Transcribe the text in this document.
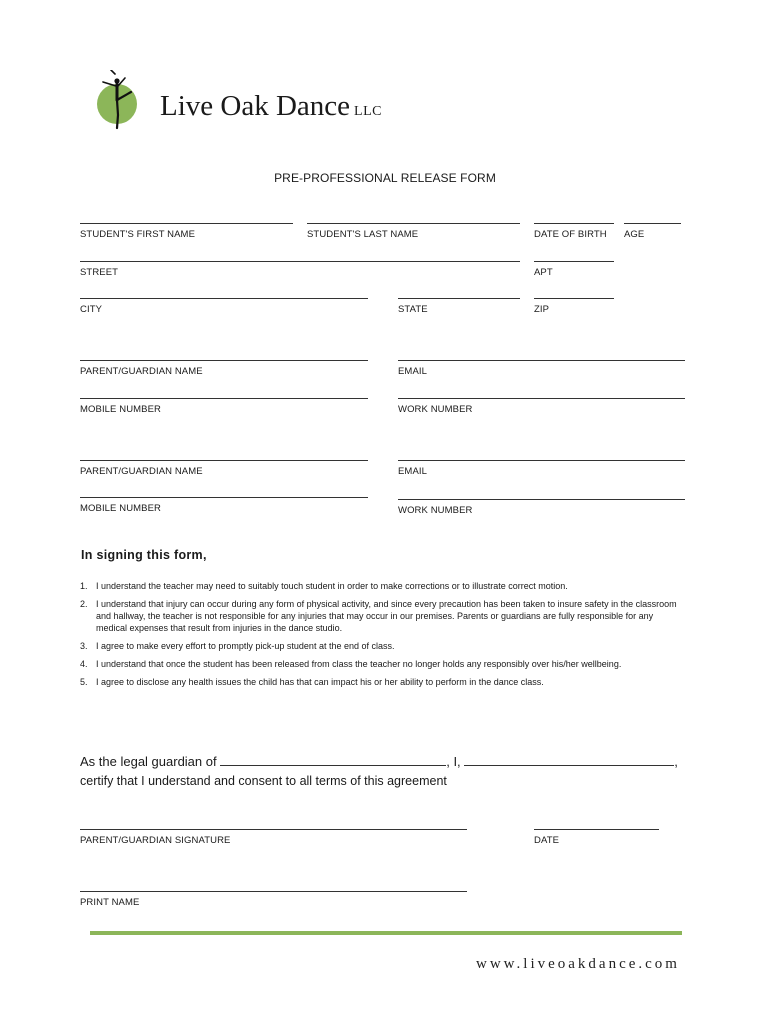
Live Oak Dance LLC
PRE-PROFESSIONAL RELEASE FORM
STUDENT'S FIRST NAME	STUDENT'S LAST NAME	DATE OF BIRTH	AGE
STREET	APT
CITY	STATE	ZIP
PARENT/GUARDIAN NAME	EMAIL
MOBILE NUMBER	WORK NUMBER
PARENT/GUARDIAN NAME	EMAIL
MOBILE NUMBER	WORK NUMBER
In signing this form,
1. I understand the teacher may need to suitably touch student in order to make corrections or to illustrate correct motion.
2. I understand that injury can occur during any form of physical activity, and since every precaution has been taken to insure safety in the classroom and hallway, the teacher is not responsible for any injuries that may occur in our premises. Parents or guardians are fully responsible for any medical expenses that result from injuries in the dance studio.
3. I agree to make every effort to promptly pick-up student at the end of class.
4. I understand that once the student has been released from class the teacher no longer holds any responsibly over his/her wellbeing.
5. I agree to disclose any health issues the child has that can impact his or her ability to perform in the dance class.
As the legal guardian of	, I,	,
certify that I understand and consent to all terms of this agreement
PARENT/GUARDIAN SIGNATURE	DATE
PRINT NAME
www.liveoakdance.com
